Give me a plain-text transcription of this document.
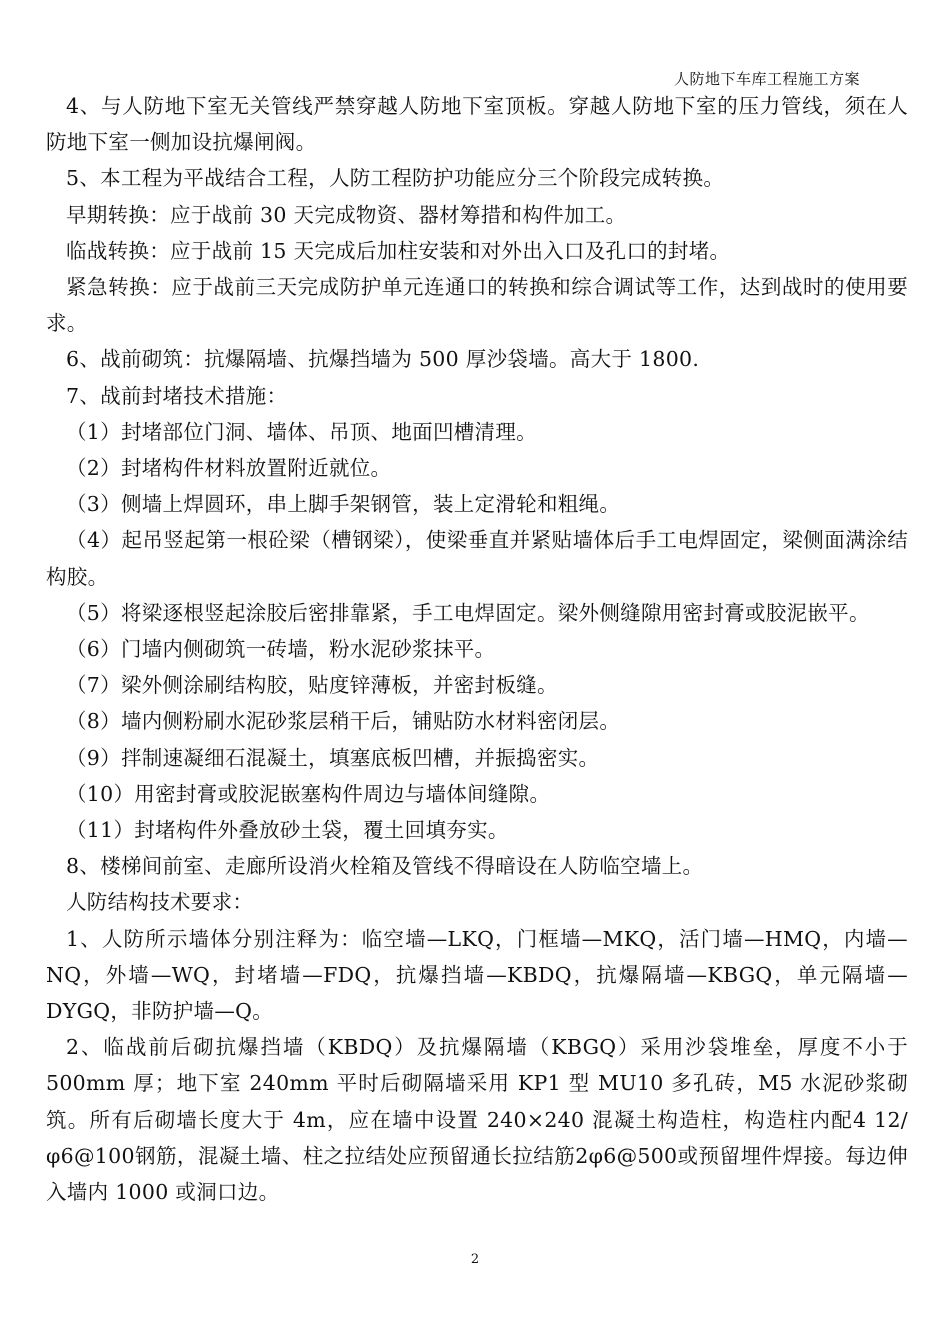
人防地下车库工程施工方案

4、与人防地下室无关管线严禁穿越人防地下室顶板。穿越人防地下室的压力管线，须在人防地下室一侧加设抗爆闸阀。

5、本工程为平战结合工程，人防工程防护功能应分三个阶段完成转换。

早期转换：应于战前 30 天完成物资、器材筹措和构件加工。

临战转换：应于战前 15 天完成后加柱安装和对外出入口及孔口的封堵。

紧急转换：应于战前三天完成防护单元连通口的转换和综合调试等工作，达到战时的使用要求。

6、战前砌筑：抗爆隔墙、抗爆挡墙为 500 厚沙袋墙。高大于 1800.

7、战前封堵技术措施：

（1）封堵部位门洞、墙体、吊顶、地面凹槽清理。

（2）封堵构件材料放置附近就位。

（3）侧墙上焊圆环，串上脚手架钢管，装上定滑轮和粗绳。

（4）起吊竖起第一根砼梁（槽钢梁），使梁垂直并紧贴墙体后手工电焊固定，梁侧面满涂结构胶。

（5）将梁逐根竖起涂胶后密排靠紧，手工电焊固定。梁外侧缝隙用密封膏或胶泥嵌平。

（6）门墙内侧砌筑一砖墙，粉水泥砂浆抹平。

（7）梁外侧涂刷结构胶，贴度锌薄板，并密封板缝。

（8）墙内侧粉刷水泥砂浆层稍干后，铺贴防水材料密闭层。

（9）拌制速凝细石混凝土，填塞底板凹槽，并振捣密实。

（10）用密封膏或胶泥嵌塞构件周边与墙体间缝隙。

（11）封堵构件外叠放砂土袋，覆土回填夯实。

8、楼梯间前室、走廊所设消火栓箱及管线不得暗设在人防临空墙上。

人防结构技术要求：

1、人防所示墙体分别注释为：临空墙—LKQ，门框墙—MKQ，活门墙—HMQ，内墙—NQ，外墙—WQ，封堵墙—FDQ，抗爆挡墙—KBDQ，抗爆隔墙—KBGQ，单元隔墙—DYGQ，非防护墙—Q。

2、临战前后砌抗爆挡墙（KBDQ）及抗爆隔墙（KBGQ）采用沙袋堆垒，厚度不小于500mm 厚；地下室 240mm 平时后砌隔墙采用 KP1 型 MU10 多孔砖，M5 水泥砂浆砌筑。所有后砌墙长度大于 4m，应在墙中设置 240×240 混凝土构造柱，构造柱内配4 12/φ6@100钢筋，混凝土墙、柱之拉结处应预留通长拉结筋2φ6@500或预留埋件焊接。每边伸入墙内 1000 或洞口边。

2
